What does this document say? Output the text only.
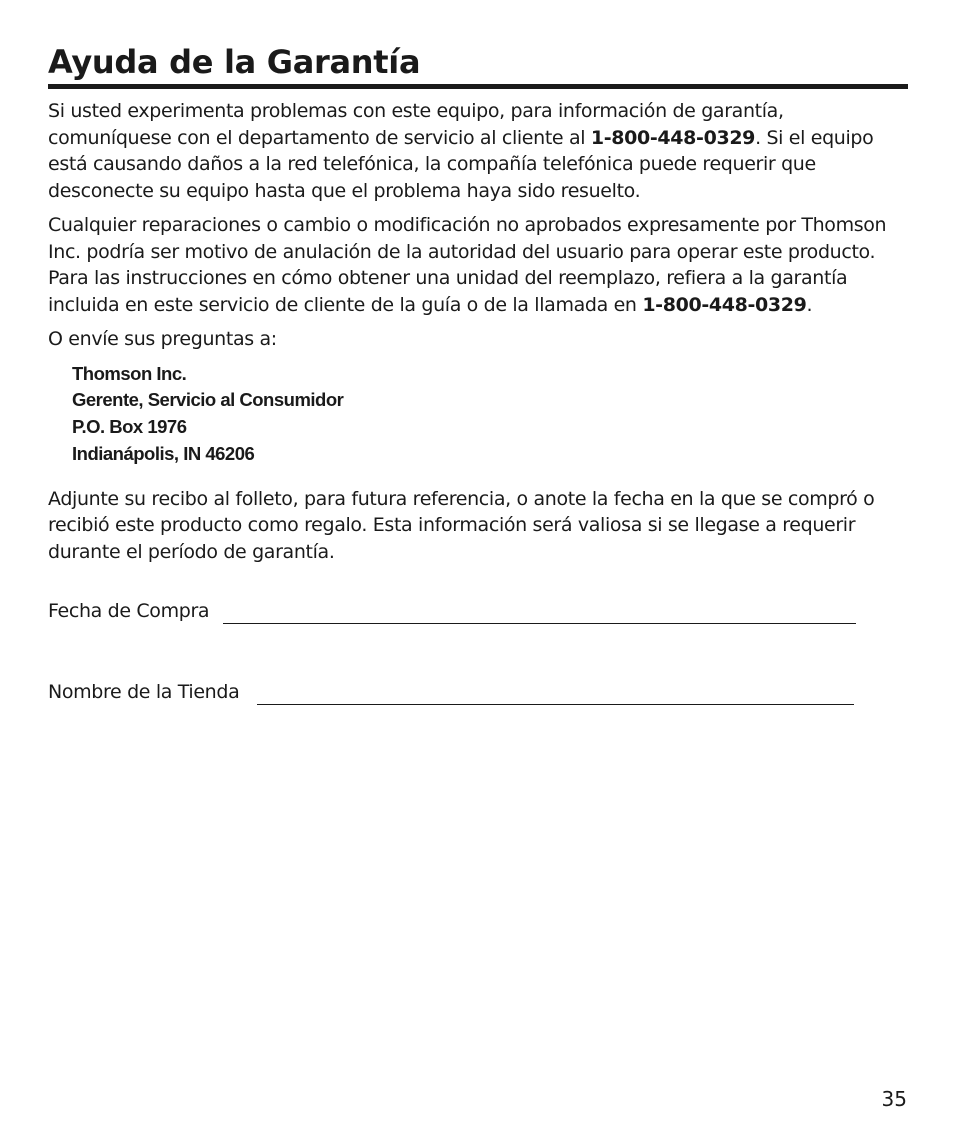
Ayuda de la Garantía

Si usted experimenta problemas con este equipo, para información de garantía, comuníquese con el departamento de servicio al cliente al 1-800-448-0329. Si el equipo está causando daños a la red telefónica, la compañía telefónica puede requerir que desconecte su equipo hasta que el problema haya sido resuelto.

Cualquier reparaciones o cambio o modificación no aprobados expresamente por Thomson Inc. podría ser motivo de anulación de la autoridad del usuario para operar este producto. Para las instrucciones en cómo obtener una unidad del reemplazo, refiera a la garantía incluida en este servicio de cliente de la guía o de la llamada en 1-800-448-0329.

O envíe sus preguntas a:

Thomson Inc.
Gerente, Servicio al Consumidor
P.O. Box 1976
Indianápolis, IN 46206

Adjunte su recibo al folleto, para futura referencia, o anote la fecha en la que se compró o recibió este producto como regalo. Esta información será valiosa si se llegase a requerir durante el período de garantía.

Fecha de Compra
Nombre de la Tienda
35
